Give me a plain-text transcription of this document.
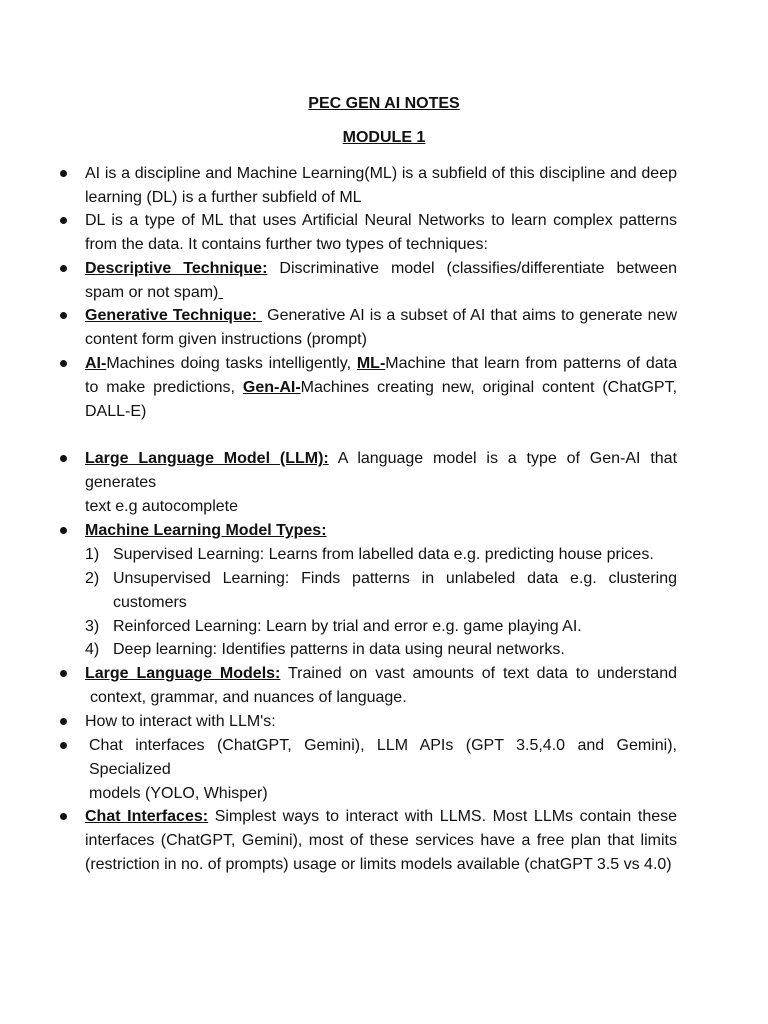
PEC GEN AI NOTES
MODULE 1
AI is a discipline and Machine Learning(ML) is a subfield of this discipline and deep
learning (DL) is a further subfield of ML
DL is a type of ML that uses Artificial Neural Networks to learn complex patterns
from the data. It contains further two types of techniques:
Descriptive Technique: Discriminative model (classifies/differentiate between
spam or not spam)
Generative Technique:  Generative AI is a subset of AI that aims to generate new
content form given instructions (prompt)
AI-Machines doing tasks intelligently, ML-Machine that learn from patterns of data
to make predictions, Gen-AI-Machines creating new, original content (ChatGPT,
DALL-E)
Large Language Model (LLM): A language model is a type of Gen-AI that generates
text e.g autocomplete
Machine Learning Model Types:
1) Supervised Learning: Learns from labelled data e.g. predicting house prices.
2) Unsupervised Learning: Finds patterns in unlabeled data e.g. clustering
customers
3) Reinforced Learning: Learn by trial and error e.g. game playing AI.
4) Deep learning: Identifies patterns in data using neural networks.
Large Language Models: Trained on vast amounts of text data to understand
context, grammar, and nuances of language.
How to interact with LLM's:
Chat interfaces (ChatGPT, Gemini), LLM APIs (GPT 3.5,4.0 and Gemini), Specialized
models (YOLO, Whisper)
Chat Interfaces: Simplest ways to interact with LLMS. Most LLMs contain these
interfaces (ChatGPT, Gemini), most of these services have a free plan that limits
(restriction in no. of prompts) usage or limits models available (chatGPT 3.5 vs 4.0)
